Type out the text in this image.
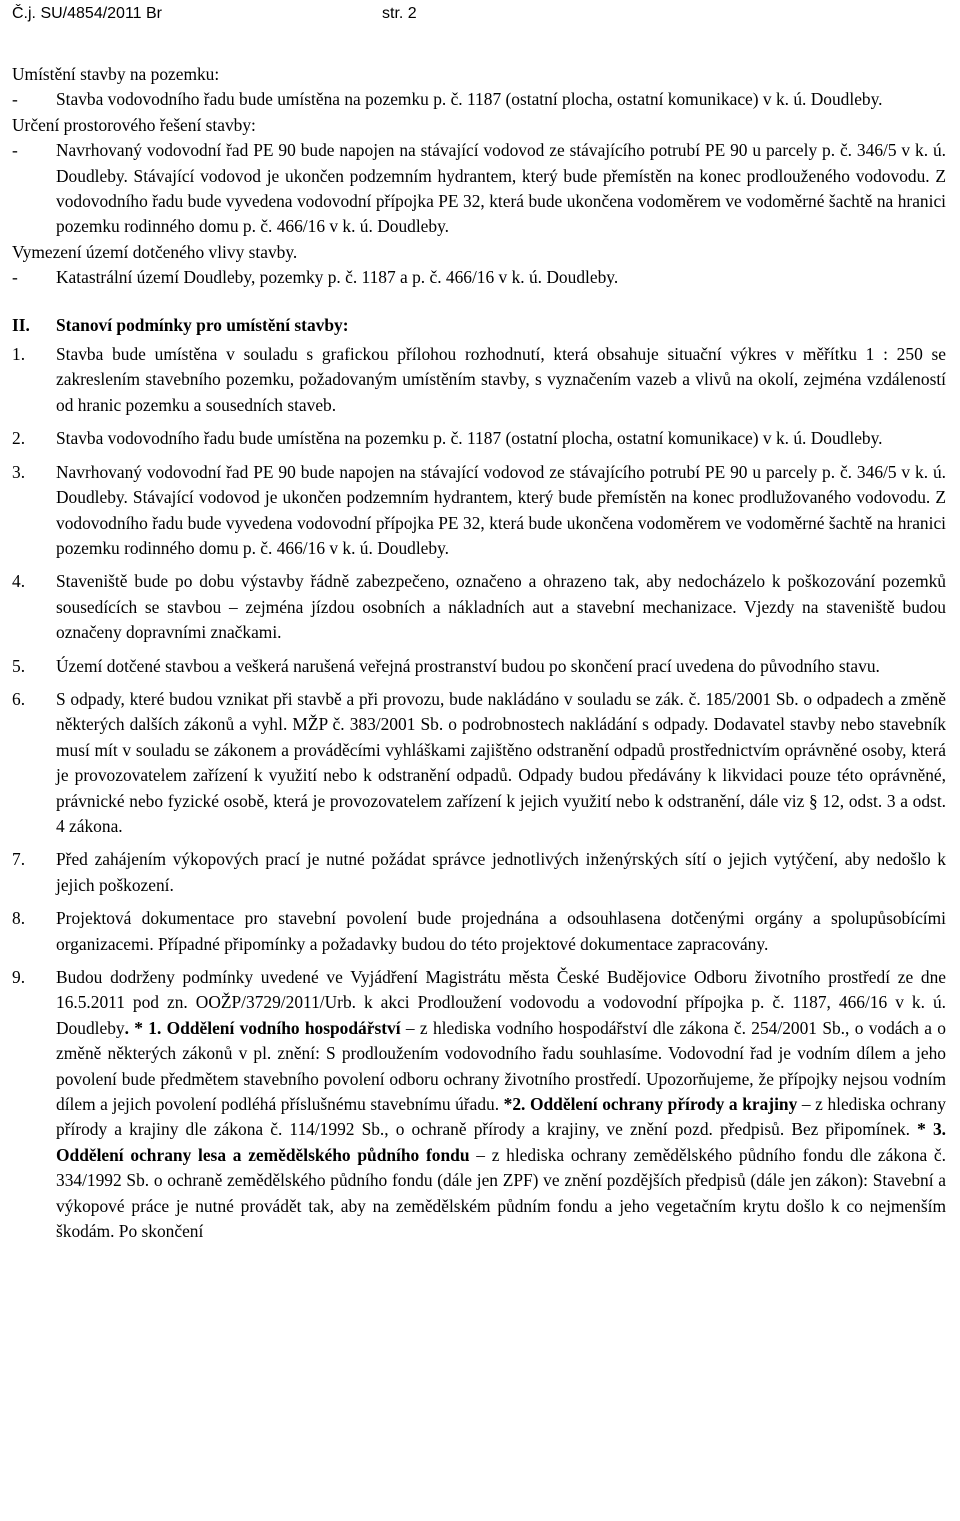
Č.j. SU/4854/2011 Br	str. 2

Umístění stavby na pozemku:

-	Stavba vodovodního řadu bude umístěna na pozemku p. č. 1187 (ostatní plocha, ostatní komunikace) v k. ú. Doudleby.

Určení prostorového řešení stavby:

-	Navrhovaný vodovodní řad PE 90 bude napojen na stávající vodovod ze stávajícího potrubí PE 90 u parcely p. č. 346/5 v k. ú. Doudleby. Stávající vodovod je ukončen podzemním hydrantem, který bude přemístěn na konec prodlouženého vodovodu. Z vodovodního řadu bude vyvedena vodovodní přípojka PE 32, která bude ukončena vodoměrem ve vodoměrné šachtě na hranici pozemku rodinného domu p. č. 466/16 v k. ú. Doudleby.

Vymezení území dotčeného vlivy stavby.

-	Katastrální území Doudleby, pozemky p. č. 1187 a p. č. 466/16 v k. ú. Doudleby.
II.	Stanoví podmínky pro umístění stavby:
1.	Stavba bude umístěna v souladu s grafickou přílohou rozhodnutí, která obsahuje situační výkres v měřítku 1 : 250 se zakreslením stavebního pozemku, požadovaným umístěním stavby, s vyznačením vazeb a vlivů na okolí, zejména vzdáleností od hranic pozemku a sousedních staveb.
2.	Stavba vodovodního řadu bude umístěna na pozemku p. č. 1187 (ostatní plocha, ostatní komunikace) v k. ú. Doudleby.
3.	Navrhovaný vodovodní řad PE 90 bude napojen na stávající vodovod ze stávajícího potrubí PE 90 u parcely p. č. 346/5 v k. ú. Doudleby. Stávající vodovod je ukončen podzemním hydrantem, který bude přemístěn na konec prodlužovaného vodovodu. Z vodovodního řadu bude vyvedena vodovodní přípojka PE 32, která bude ukončena vodoměrem ve vodoměrné šachtě na hranici pozemku rodinného domu p. č. 466/16 v k. ú. Doudleby.
4.	Staveniště bude po dobu výstavby řádně zabezpečeno, označeno a ohrazeno tak, aby nedocházelo k poškozování pozemků sousedících se stavbou – zejména jízdou osobních a nákladních aut a stavební mechanizace. Vjezdy na staveniště budou označeny dopravními značkami.
5.	Území dotčené stavbou a veškerá narušená veřejná prostranství budou po skončení prací uvedena do původního stavu.
6.	S odpady, které budou vznikat při stavbě a při provozu, bude nakládáno v souladu se zák. č. 185/2001 Sb. o odpadech a změně některých dalších zákonů a vyhl. MŽP č. 383/2001 Sb. o podrobnostech nakládání s odpady. Dodavatel stavby nebo stavebník musí mít v souladu se zákonem a prováděcími vyhláškami zajištěno odstranění odpadů prostřednictvím oprávněné osoby, která je provozovatelem zařízení k využití nebo k odstranění odpadů. Odpady budou předávány k likvidaci pouze této oprávněné, právnické nebo fyzické osobě, která je provozovatelem zařízení k jejich využití nebo k odstranění, dále viz § 12, odst. 3 a odst. 4 zákona.
7.	Před zahájením výkopových prací je nutné požádat správce jednotlivých inženýrských sítí o jejich vytýčení, aby nedošlo k jejich poškození.
8.	Projektová dokumentace pro stavební povolení bude projednána a odsouhlasena dotčenými orgány a spolupůsobícími organizacemi. Případné připomínky a požadavky budou do této projektové dokumentace zapracovány.
9.	Budou dodrženy podmínky uvedené ve Vyjádření Magistrátu města České Budějovice Odboru životního prostředí ze dne 16.5.2011 pod zn. OOŽP/3729/2011/Urb. k akci Prodloužení vodovodu a vodovodní přípojka p. č. 1187, 466/16 v k. ú. Doudleby. * 1. Oddělení vodního hospodářství – z hlediska vodního hospodářství dle zákona č. 254/2001 Sb., o vodách a o změně některých zákonů v pl. znění: S prodloužením vodovodního řadu souhlasíme. Vodovodní řad je vodním dílem a jeho povolení bude předmětem stavebního povolení odboru ochrany životního prostředí. Upozorňujeme, že přípojky nejsou vodním dílem a jejich povolení podléhá příslušnému stavebnímu úřadu. *2. Oddělení ochrany přírody a krajiny – z hlediska ochrany přírody a krajiny dle zákona č. 114/1992 Sb., o ochraně přírody a krajiny, ve znění pozd. předpisů. Bez připomínek. * 3. Oddělení ochrany lesa a zemědělského půdního fondu – z hlediska ochrany zemědělského půdního fondu dle zákona č. 334/1992 Sb. o ochraně zemědělského půdního fondu (dále jen ZPF) ve znění pozdějších předpisů (dále jen zákon): Stavební a výkopové práce je nutné provádět tak, aby na zemědělském půdním fondu a jeho vegetačním krytu došlo k co nejmenším škodám. Po skončení
